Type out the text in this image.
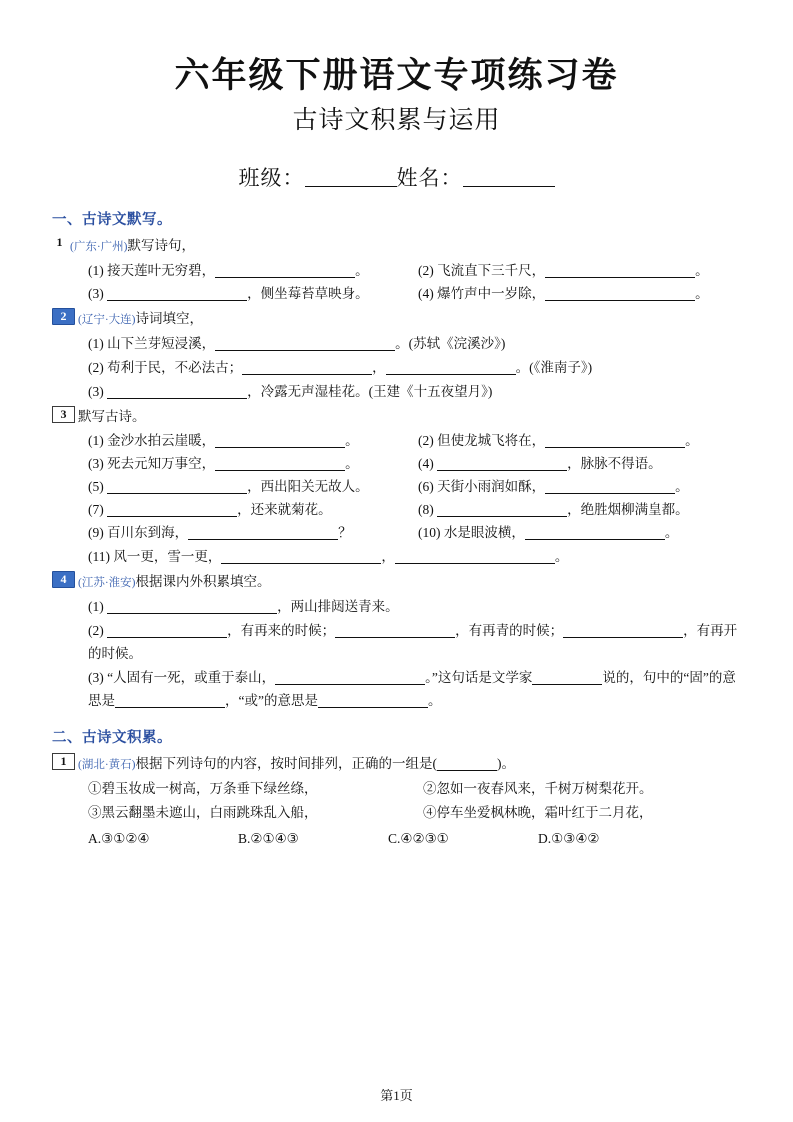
六年级下册语文专项练习卷
古诗文积累与运用
班级：	姓名：
一、古诗文默写。
1 (广东·广州)默写诗句，
(1) 接天莲叶无穷碧，	。	(2) 飞流直下三千尺，	。
(3)	，侧坐莓苔草映身。	(4) 爆竹声中一岁除，	。
2	(辽宁·大连)诗词填空，
(1) 山下兰芽短浸溪，	。(苏轼《浣溪沙》)
(2) 苟利于民，不必法古；	，	。(《淮南子》)
(3)	，冷露无声湿桂花。(王建《十五夜望月》)
3 默写古诗。
(1) 金沙水拍云崖暖，	。	(2) 但使龙城飞将在，	。
(3) 死去元知万事空，	。	(4)	，脉脉不得语。
(5)	，西出阳关无故人。	(6) 天街小雨润如酥，	。
(7)	，还来就菊花。	(8)	，绝胜烟柳满皇都。
(9) 百川东到海，	？	(10) 水是眼波横，	。
(11) 风一更，雪一更，	，	。
4	(江苏·淮安)根据课内外积累填空。
(1)	，两山排闼送青来。
(2)	，有再来的时候；	，有再青的时候；	，有再开的时候。
(3) “人固有一死，或重于泰山，	。”这句话是文学家	说的，句中的“固”的意思是	，“或”的意思是	。
二、古诗文积累。
1	(湖北·黄石)根据下列诗句的内容，按时间排列，正确的一组是(	)。
①碧玉妆成一树高，万条垂下绿丝绦，	②忽如一夜春风来，千树万树梨花开。
③黑云翻墨未遮山，白雨跳珠乱入船，	④停车坐爱枫林晚，霜叶红于二月花，
A.③①②④	B.②①④③	C.④②③①	D.①③④②
第1页
